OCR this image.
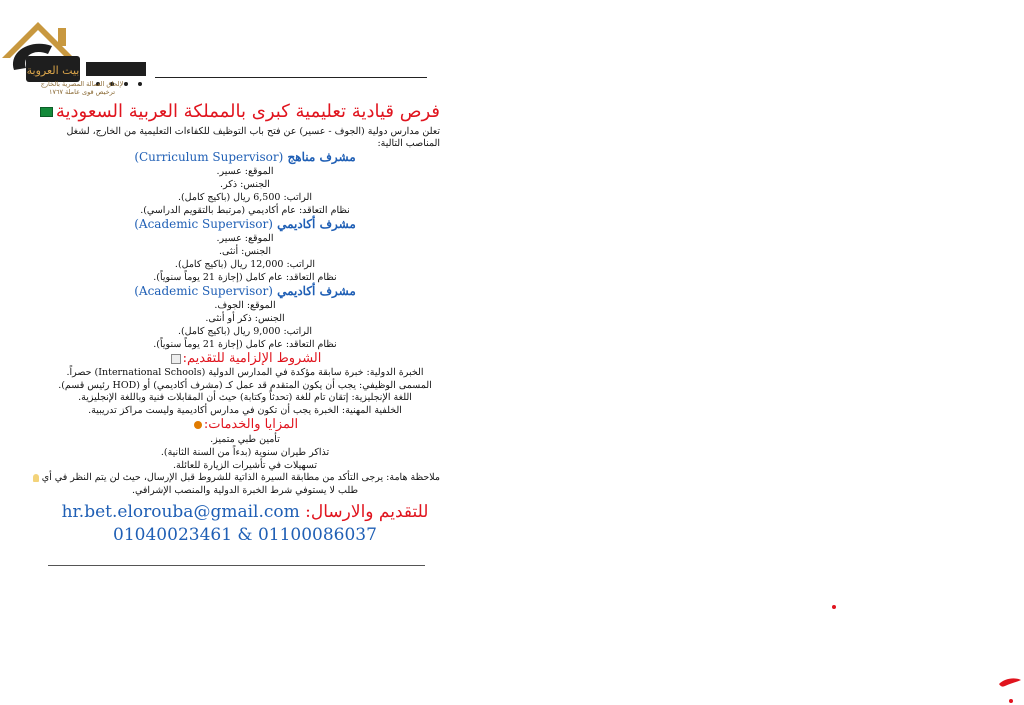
بيت العروبة
لإلحاق العمالة المصرية بالخارج
ترخيص قوى عاملة ١٧٦٧
فرص قيادية تعليمية كبرى بالمملكة العربية السعودية
تعلن مدارس دولية (الجوف - عسير) عن فتح باب التوظيف للكفاءات التعليمية من الخارج، لشغل المناصب التالية:
مشرف مناهج (Curriculum Supervisor)
الموقع: عسير.
الجنس: ذكر.
الراتب: 6,500 ريال (باكيج كامل).
نظام التعاقد: عام أكاديمي (مرتبط بالتقويم الدراسي).
مشرف أكاديمي (Academic Supervisor)
الموقع: عسير.
الجنس: أنثى.
الراتب: 12,000 ريال (باكيج كامل).
نظام التعاقد: عام كامل (إجازة 21 يوماً سنوياً).
مشرف أكاديمي (Academic Supervisor)
الموقع: الجوف.
الجنس: ذكر أو أنثى.
الراتب: 9,000 ريال (باكيج كامل).
نظام التعاقد: عام كامل (إجازة 21 يوماً سنوياً).
الشروط الإلزامية للتقديم:
الخبرة الدولية: خبرة سابقة مؤكدة في المدارس الدولية (International Schools) حصراً.
المسمى الوظيفي: يجب أن يكون المتقدم قد عمل كـ (مشرف أكاديمي) أو (HOD رئيس قسم).
اللغة الإنجليزية: إتقان تام للغة (تحدثاً وكتابة) حيث أن المقابلات فنية وباللغة الإنجليزية.
الخلفية المهنية: الخبرة يجب أن تكون في مدارس أكاديمية وليست مراكز تدريبية.
المزايا والخدمات:
تأمين طبي متميز.
تذاكر طيران سنوية (بدءاً من السنة الثانية).
تسهيلات في تأشيرات الزيارة للعائلة.
ملاحظة هامة: يرجى التأكد من مطابقة السيرة الذاتية للشروط قبل الإرسال، حيث لن يتم النظر في أي
طلب لا يستوفي شرط الخبرة الدولية والمنصب الإشرافي.
للتقديم والارسال: hr.bet.elorouba@gmail.com
01040023461 & 01100086037
